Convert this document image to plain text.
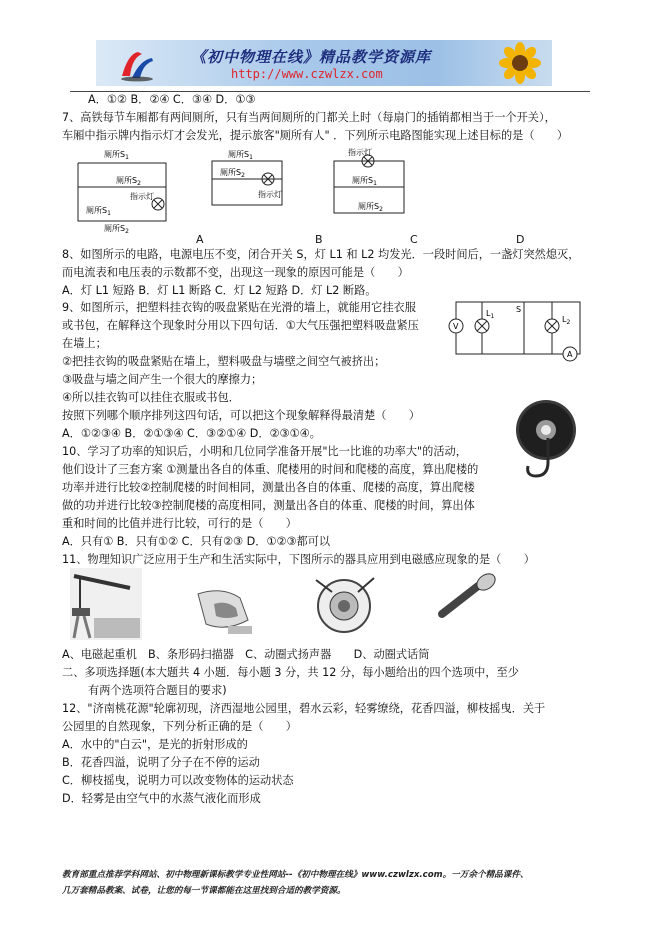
《初中物理在线》精品教学资源库
http://www.czwlzx.com
A．①② B．②④ C．③④ D．①③
7、高铁每节车厢都有两间厕所，只有当两间厕所的门都关上时（每扇门的插销都相当于一个开关），
车厢中指示牌内指示灯才会发光，提示旅客"厕所有人" ．下列所示电路图能实现上述目标的是（　　）
厕所$S_1$
厕所$S_2$
指示灯
厕所$S_1$
厕所$S_2$
厕所$S_1$
厕所$S_2$
指示灯
指示灯
厕所$S_1$
厕所$S_2$
A	B	C	D
8、如图所示的电路，电源电压不变，闭合开关 S，灯 L1 和 L2 均发光．一段时间后，一盏灯突然熄灭，
而电流表和电压表的示数都不变，出现这一现象的原因可能是（　　）
A．灯 L1 短路 B．灯 L1 断路 C．灯 L2 短路 D．灯 L2 断路。
V
$L_1$
S
$L_2$
A
9、如图所示，把塑料挂衣钩的吸盘紧贴在光滑的墙上，就能用它挂衣服
或书包，在解释这个现象时分用以下四句话．①大气压强把塑料吸盘紧压
在墙上；
②把挂衣钩的吸盘紧贴在墙上，塑料吸盘与墙壁之间空气被挤出；
③吸盘与墙之间产生一个很大的摩擦力；
④所以挂衣钩可以挂住衣服或书包．
按照下列哪个顺序排列这四句话，可以把这个现象解释得最清楚（　　）
A．①②③④ B．②①③④ C．③②①④ D．②③①④。
10、学习了功率的知识后，小明和几位同学准备开展"比一比谁的功率大"的活动，
他们设计了三套方案 ①测量出各自的体重、爬楼用的时间和爬楼的高度，算出爬楼的
功率并进行比较②控制爬楼的时间相同，测量出各自的体重、爬楼的高度，算出爬楼
做的功并进行比较③控制爬楼的高度相同，测量出各自的体重、爬楼的时间，算出体
重和时间的比值并进行比较，可行的是（　　）
A．只有① B．只有①② C．只有②③ D．①②③都可以
11、物理知识广泛应用于生产和生活实际中，下图所示的器具应用到电磁感应现象的是（　　）
A、电磁起重机　B、条形码扫描器　C、动圈式扬声器　　D、动圈式话筒
二、多项选择题(本大题共 4 小题．每小题 3 分，共 12 分，每小题给出的四个选项中，至少
有两个选项符合题目的要求)
12、"济南桃花源"轮廓初现，济西湿地公园里，碧水云彩，轻雾缭绕，花香四溢，柳枝摇曳．关于
公园里的自然现象，下列分析正确的是（　　）
A．水中的"白云"，是光的折射形成的
B．花香四溢，说明了分子在不停的运动
C．柳枝摇曳，说明力可以改变物体的运动状态
D．轻雾是由空气中的水蒸气液化而形成
教育部重点推荐学科网站、初中物理新课标教学专业性网站--《初中物理在线》www.czwlzx.com。一万余个精品课件、
几万套精品教案、试卷，让您的每一节课都能在这里找到合适的教学资源。
